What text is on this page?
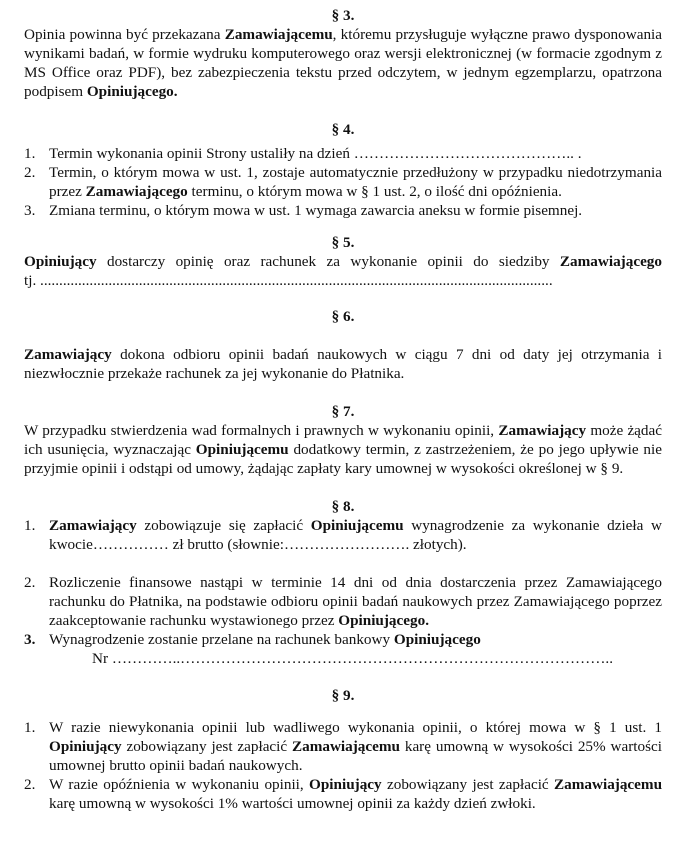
§ 3.

Opinia powinna być przekazana Zamawiającemu, któremu przysługuje wyłączne prawo dysponowania wynikami badań, w formie wydruku komputerowego oraz wersji elektronicznej (w formacie zgodnym z MS Office oraz PDF), bez zabezpieczenia tekstu przed odczytem, w jednym egzemplarzu, opatrzona podpisem Opiniującego.

§ 4.
1. Termin wykonania opinii Strony ustaliły na dzień …………………………………….. .
2. Termin, o którym mowa w ust. 1, zostaje automatycznie przedłużony w przypadku niedotrzymania przez Zamawiającego terminu, o którym mowa w § 1 ust. 2, o ilość dni opóźnienia.
3. Zmiana terminu, o którym mowa w ust. 1 wymaga zawarcia aneksu w formie pisemnej.
§ 5.

Opiniujący dostarczy opinię oraz rachunek za wykonanie opinii do siedziby Zamawiającego

tj. .......................................................................................................................................

§ 6.

Zamawiający dokona odbioru opinii badań naukowych w ciągu 7 dni od daty jej otrzymania i niezwłocznie przekaże rachunek za jej wykonanie do Płatnika.

§ 7.

W przypadku stwierdzenia wad formalnych i prawnych w wykonaniu opinii, Zamawiający może żądać ich usunięcia, wyznaczając Opiniującemu dodatkowy termin, z zastrzeżeniem, że po jego upływie nie przyjmie opinii i odstąpi od umowy, żądając zapłaty kary umownej w wysokości określonej w § 9.

§ 8.
1. Zamawiający zobowiązuje się zapłacić Opiniującemu wynagrodzenie za wykonanie dzieła w kwocie…………… zł brutto (słownie:……………………. złotych).
2. Rozliczenie finansowe nastąpi w terminie 14 dni od dnia dostarczenia przez Zamawiającego rachunku do Płatnika, na podstawie odbioru opinii badań naukowych przez Zamawiającego poprzez zaakceptowanie rachunku wystawionego przez Opiniującego.
3. Wynagrodzenie zostanie przelane na rachunek bankowy Opiniującego
Nr …………..…………………………………………………………………………..
§ 9.
1. W razie niewykonania opinii lub wadliwego wykonania opinii, o której mowa w § 1 ust. 1 Opiniujący zobowiązany jest zapłacić Zamawiającemu karę umowną w wysokości 25% wartości umownej brutto opinii badań naukowych.
2. W razie opóźnienia w wykonaniu opinii, Opiniujący zobowiązany jest zapłacić Zamawiającemu karę umowną w wysokości 1% wartości umownej opinii za każdy dzień zwłoki.
